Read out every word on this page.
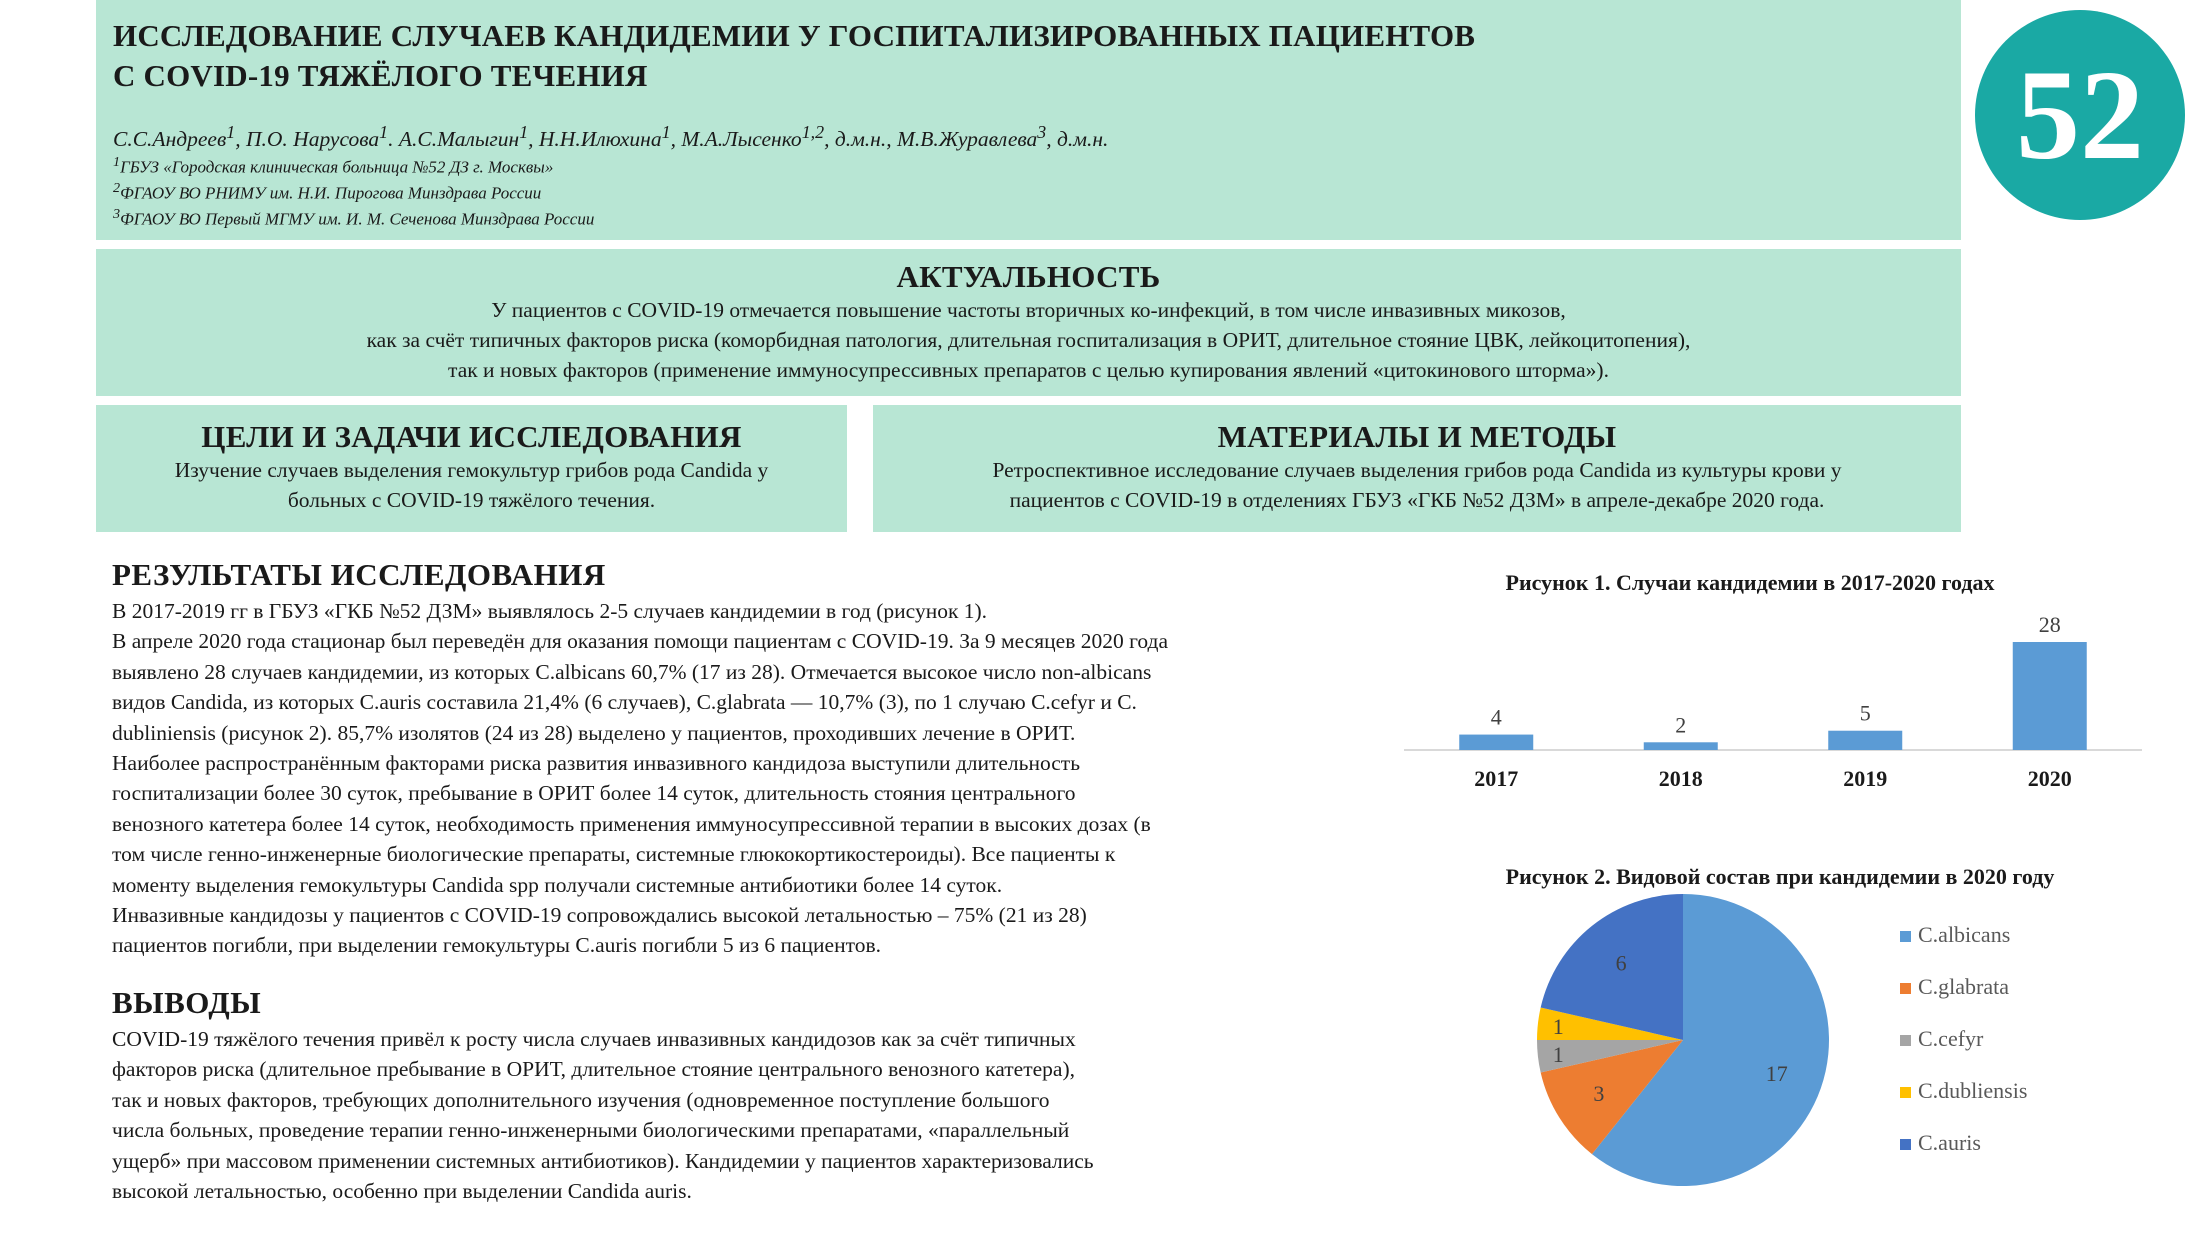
ИССЛЕДОВАНИЕ СЛУЧАЕВ КАНДИДЕМИИ У ГОСПИТАЛИЗИРОВАННЫХ ПАЦИЕНТОВ
С COVID-19 ТЯЖЁЛОГО ТЕЧЕНИЯ
С.С.Андреев$^1$, П.О. Нарусова$^1$. А.С.Малыгин$^1$, Н.Н.Илюхина$^1$, М.А.Лысенко$^{1,2}$, д.м.н., М.В.Журавлева$^3$, д.м.н.
$^1$ГБУЗ «Городская клиническая больница №52 ДЗ г. Москвы»
$^2$ФГАОУ ВО РНИМУ им. Н.И. Пирогова Минздрава России
$^3$ФГАОУ ВО Первый МГМУ им. И. М. Сеченова Минздрава России
52
АКТУАЛЬНОСТЬ
У пациентов с COVID-19 отмечается повышение частоты вторичных ко-инфекций, в том числе инвазивных микозов,
как за счёт типичных факторов риска (коморбидная патология, длительная госпитализация в ОРИТ, длительное стояние ЦВК, лейкоцитопения),
так и новых факторов (применение иммуносупрессивных препаратов с целью купирования явлений «цитокинового шторма»).
ЦЕЛИ И ЗАДАЧИ ИССЛЕДОВАНИЯ
Изучение случаев выделения гемокультур грибов рода Candida у
больных с COVID-19 тяжёлого течения.
МАТЕРИАЛЫ И МЕТОДЫ
Ретроспективное исследование случаев выделения грибов рода Candida из культуры крови у
пациентов с COVID-19 в отделениях ГБУЗ «ГКБ №52 ДЗМ» в апреле-декабре 2020 года.
РЕЗУЛЬТАТЫ ИССЛЕДОВАНИЯ
В 2017-2019 гг в ГБУЗ «ГКБ №52 ДЗМ» выявлялось 2-5 случаев кандидемии в год (рисунок 1).
В апреле 2020 года стационар был переведён для оказания помощи пациентам с COVID-19. За 9 месяцев 2020 года
выявлено 28 случаев кандидемии, из которых C.albicans 60,7% (17 из 28). Отмечается высокое число non-albicans
видов Candida, из которых C.auris составила 21,4% (6 случаев), C.glabrata — 10,7% (3), по 1 случаю C.cefyr и C.
dubliniensis (рисунок 2). 85,7% изолятов (24 из 28) выделено у пациентов, проходивших лечение в ОРИТ.
Наиболее распространённым факторами риска развития инвазивного кандидоза выступили длительность
госпитализации более 30 суток, пребывание в ОРИТ более 14 суток, длительность стояния центрального
венозного катетера более 14 суток, необходимость применения иммуносупрессивной терапии в высоких дозах (в
том числе генно-инженерные биологические препараты, системные глюкокортикостероиды). Все пациенты к
моменту выделения гемокультуры Candida spp получали системные антибиотики более 14 суток.
Инвазивные кандидозы у пациентов с COVID-19 сопровождались высокой летальностью – 75% (21 из 28)
пациентов погибли, при выделении гемокультуры C.auris погибли 5 из 6 пациентов.
ВЫВОДЫ
COVID-19 тяжёлого течения привёл к росту числа случаев инвазивных кандидозов как за счёт типичных
факторов риска (длительное пребывание в ОРИТ, длительное стояние центрального венозного катетера),
так и новых факторов, требующих дополнительного изучения (одновременное поступление большого
числа больных, проведение терапии генно-инженерными биологическими препаратами, «параллельный
ущерб» при массовом применении системных антибиотиков). Кандидемии у пациентов характеризовались
высокой летальностью, особенно при выделении Candida auris.
Рисунок 1. Случаи кандидемии в 2017-2020 годах
4
2017
2
2018
5
2019
28
2020
Рисунок 2. Видовой состав при кандидемии в 2020 году
17
3
1
1
6
C.albicans
C.glabrata
C.cefyr
C.dubliensis
C.auris
